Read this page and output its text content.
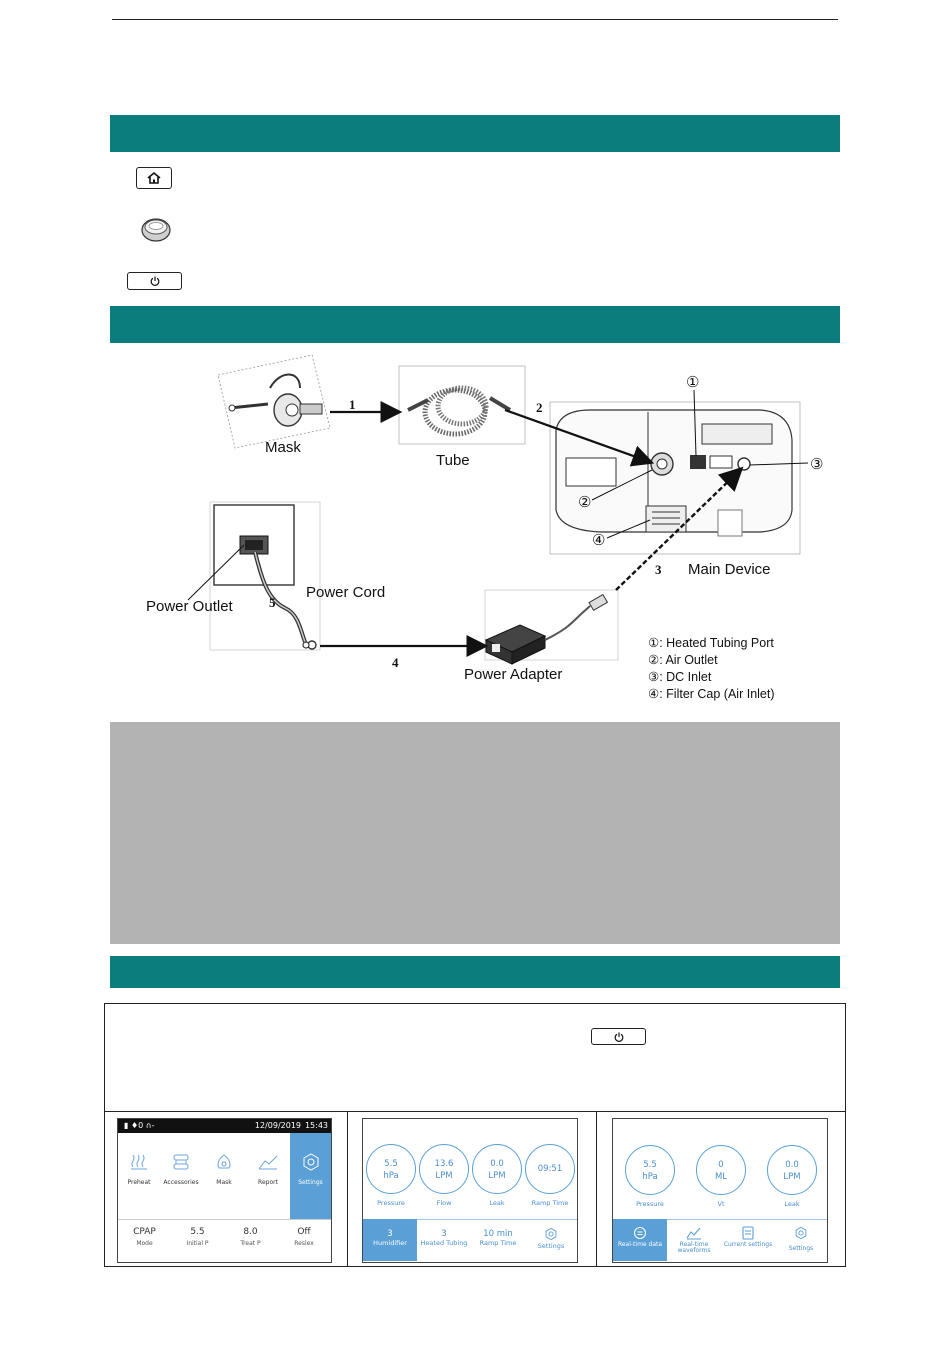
Mask
Tube
Main Device
Power Outlet
Power Cord
Power Adapter
1	2
3
4
5
①
②
③
④
①: Heated Tubing Port
②: Air Outlet
③: DC Inlet
④: Filter Cap (Air Inlet)
▮ ♦0 ∩-	12/09/2019 15:43
Preheat	Accessories	Mask	Report	Settings
CPAP
Mode
5.5
Initial P
8.0
Treat P
Off
Reslex
5.5
hPa
Pressure
13.6
LPM
Flow
0.0
LPM
Leak
09:51
Ramp Time
3
Humidifier
3
Heated Tubing
10 min
Ramp Time	Settings
5.5
hPa
Pressure
0
ML
Vt
0.0
LPM
Leak
Real-time data	Real-time waveforms
Current settings
Settings
